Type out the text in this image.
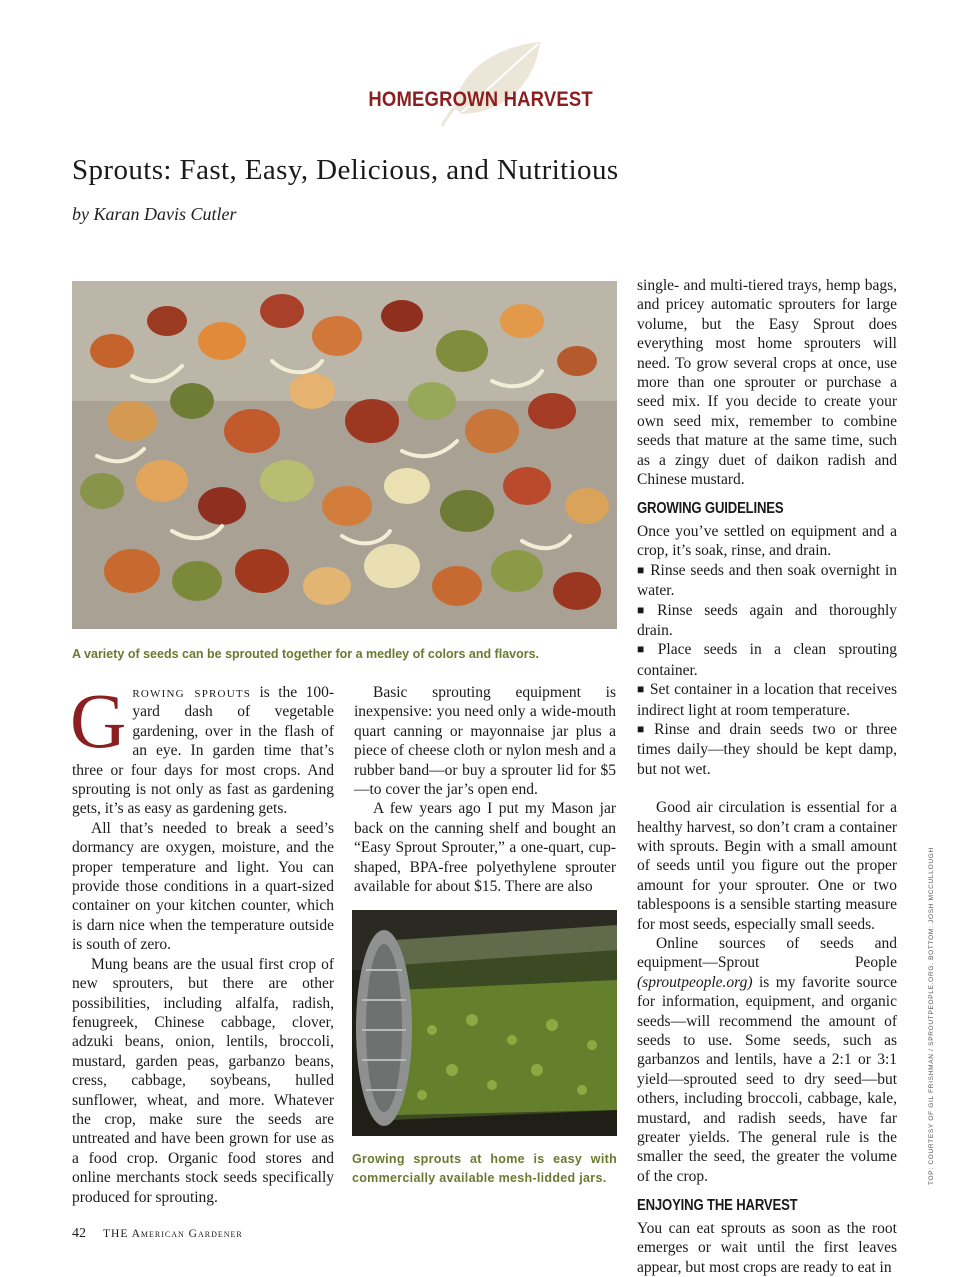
HOMEGROWN HARVEST
Sprouts: Fast, Easy, Delicious, and Nutritious
by Karan Davis Cutler
A variety of seeds can be sprouted together for a medley of colors and flavors.

Growing sprouts is the 100-yard dash of vegetable gardening, over in the flash of an eye. In garden time that’s three or four days for most crops. And sprouting is not only as fast as gardening gets, it’s as easy as gardening gets.

All that’s needed to break a seed’s dormancy are oxygen, moisture, and the proper temperature and light. You can provide those conditions in a quart-sized container on your kitchen counter, which is darn nice when the temperature outside is south of zero.

Mung beans are the usual first crop of new sprouters, but there are other possibilities, including alfalfa, radish, fenugreek, Chinese cabbage, clover, adzuki beans, onion, lentils, broccoli, mustard, garden peas, garbanzo beans, cress, cabbage, soybeans, hulled sunflower, wheat, and more. Whatever the crop, make sure the seeds are untreated and have been grown for use as a food crop. Organic food stores and online merchants stock seeds specifically produced for sprouting.

Basic sprouting equipment is inexpensive: you need only a wide-mouth quart canning or mayonnaise jar plus a piece of cheese cloth or nylon mesh and a rubber band—or buy a sprouter lid for $5—to cover the jar’s open end.

A few years ago I put my Mason jar back on the canning shelf and bought an “Easy Sprout Sprouter,” a one-quart, cup-shaped, BPA-free polyethylene sprouter available for about $15. There are also

Growing sprouts at home is easy with commercially available mesh-lidded jars.

single- and multi-tiered trays, hemp bags, and pricey automatic sprouters for large volume, but the Easy Sprout does everything most home sprouters will need. To grow several crops at once, use more than one sprouter or purchase a seed mix. If you decide to create your own seed mix, remember to combine seeds that mature at the same time, such as a zingy duet of daikon radish and Chinese mustard.

GROWING GUIDELINES

Once you’ve settled on equipment and a crop, it’s soak, rinse, and drain.

■ Rinse seeds and then soak overnight in water.

■ Rinse seeds again and thoroughly drain.

■ Place seeds in a clean sprouting container.

■ Set container in a location that receives indirect light at room temperature.

■ Rinse and drain seeds two or three times daily—they should be kept damp, but not wet.

Good air circulation is essential for a healthy harvest, so don’t cram a container with sprouts. Begin with a small amount of seeds until you figure out the proper amount for your sprouter. One or two tablespoons is a sensible starting measure for most seeds, especially small seeds.

Online sources of seeds and equipment—Sprout People (sproutpeople.org) is my favorite source for information, equipment, and organic seeds—will recommend the amount of seeds to use. Some seeds, such as garbanzos and lentils, have a 2:1 or 3:1 yield—sprouted seed to dry seed—but others, including broccoli, cabbage, kale, mustard, and radish seeds, have far greater yields. The general rule is the smaller the seed, the greater the volume of the crop.

ENJOYING THE HARVEST

You can eat sprouts as soon as the root emerges or wait until the first leaves appear, but most crops are ready to eat in

42 THE American Gardener
TOP: COURTESY OF GIL FRISHMAN / SPROUTPEOPLE.ORG. BOTTOM: JOSH MCCULLOUGH
